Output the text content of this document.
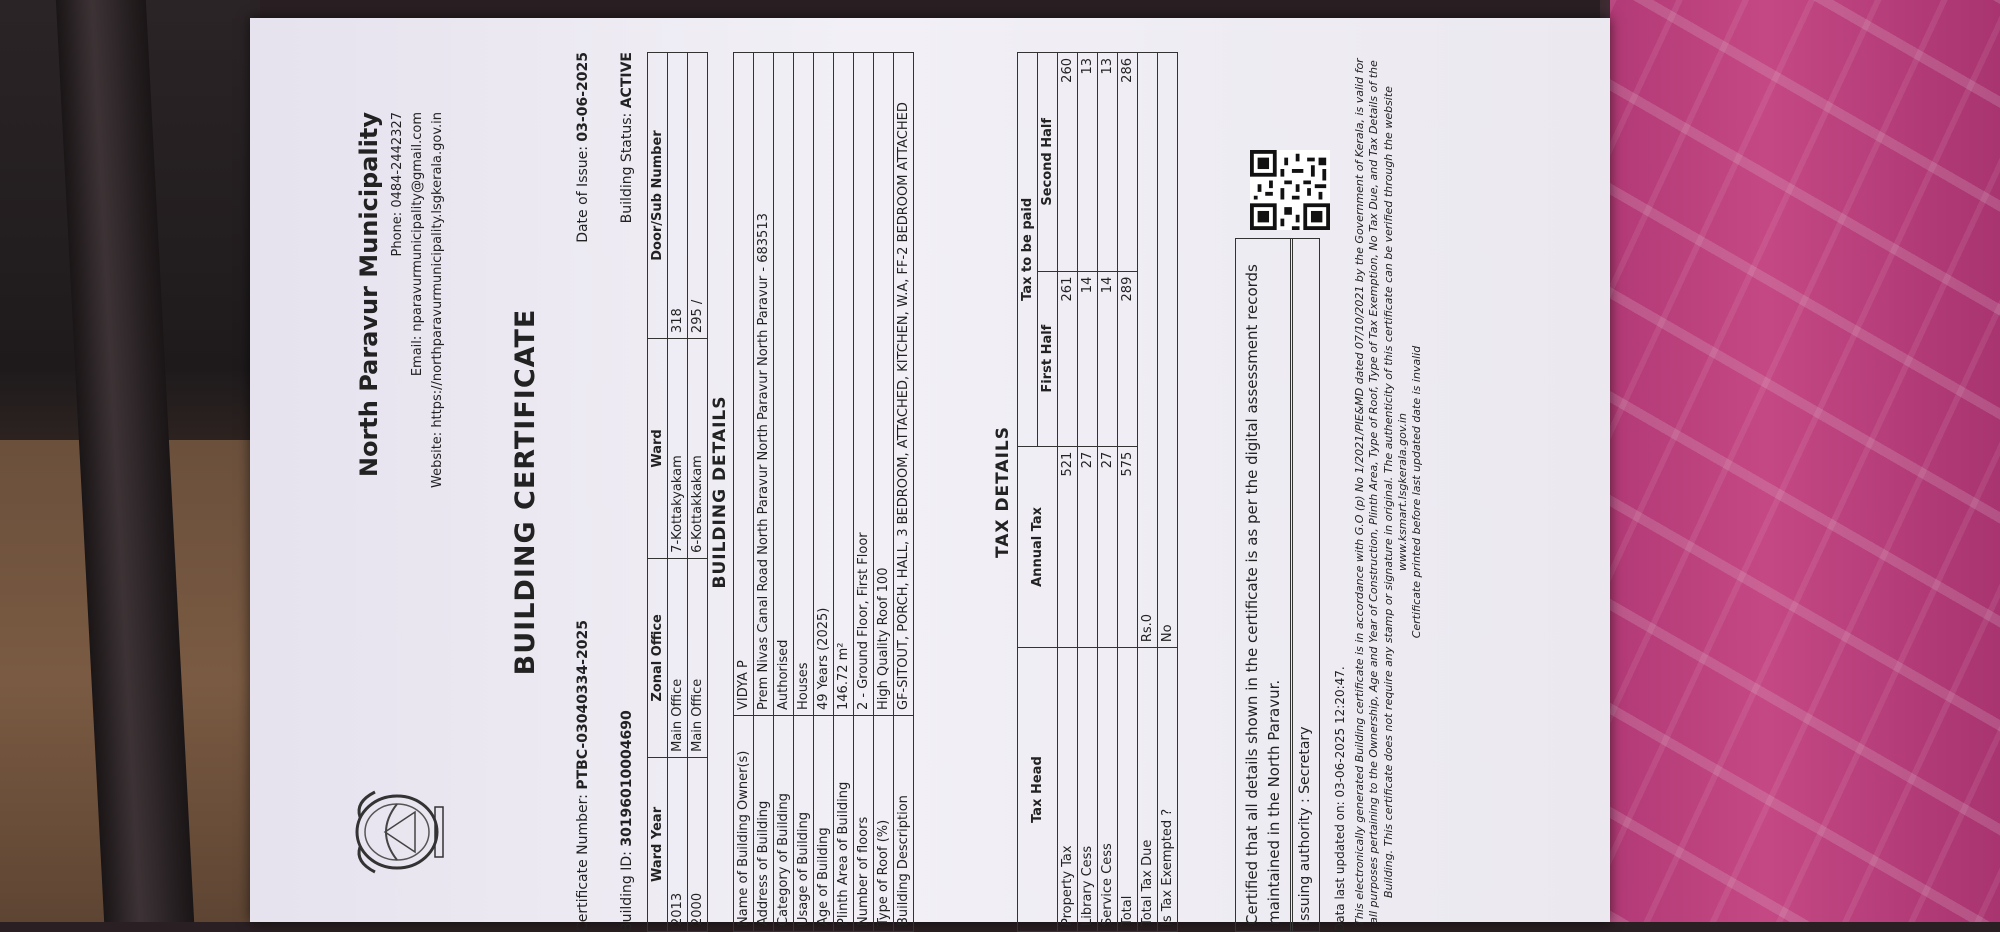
North Paravur Municipality Phone: 0484-2442327 Email: nparavurmunicipality@gmail.com Website: https://northparavurmunicipality.lsgkerala.gov.in
BUILDING CERTIFICATE
Certificate Number: PTBC-03040334-2025
Date of Issue: 03-06-2025
Building ID: 30196010004690
Building Status: ACTIVE
Ward Year	Zonal Office	Ward	Door/Sub Number
2013	Main Office	7-Kottakyakam	318
2000	Main Office	6-Kottakkakam	295 /
BUILDING DETAILS
Name of Building Owner(s)	VIDYA P
Address of Building	Prem Nivas Canal Road North Paravur North Paravur North Paravur - 683513
Category of Building	Authorised
Usage of Building	Houses
Age of Building	49 Years (2025)
Plinth Area of Building	146.72 m²
Number of floors	2 - Ground Floor, First Floor
Type of Roof (%)	High Quality Roof 100
Building Description	GF-SITOUT, PORCH, HALL, 3 BEDROOM, ATTACHED, KITCHEN, W.A, FF-2 BEDROOM ATTACHED	TAX DETAILS
Tax Head	Annual Tax	Tax to be paid	
		First Half	Second Half
Property Tax	521	261	260
Library Cess	27	14	13
Service Cess	27	14	13
Total	575	289	286
Total Tax Due	Rs.0		
Is Tax Exempted ?	No			Certified that all details shown in the certificate is as per the digital assessment records maintained in the North Paravur.	Issuing authority : Secretary	Data last updated on: 03-06-2025 12:20:47. This electronically generated Building certificate is in accordance with G.O (p) No 1/2021/PIE&MD dated 07/10/2021 by the Government of Kerala, is valid for all purposes pertaining to the Ownership, Age and Year of Construction, Plinth Area, Type of Roof, Type of Tax Exemption, No Tax Due, and Tax Details of the Building. This certificate does not require any stamp or signature in original. The authenticity of this certificate can be verified through the website www.ksmart.lsgkerala.gov.in Certificate printed before last updated date is invalid
